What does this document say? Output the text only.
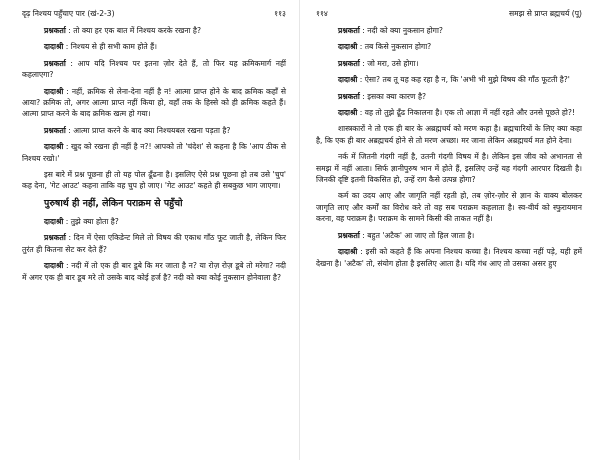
दृढ़ निश्चय पहुँचाए पार (खं-2-3)	११३
प्रश्नकर्ता : तो क्या हर एक बात में निश्चय करके रखना है?
दादाश्री : निश्चय से ही सभी काम होते हैं।
प्रश्नकर्ता : आप यदि निश्चय पर इतना ज़ोर देते हैं, तो फिर यह क्रमिकमार्ग नहीं कहलाएगा?
दादाश्री : नहीं, क्रमिक से लेना-देना नहीं है न! आत्मा प्राप्त होने के बाद क्रमिक कहाँ से आया? क्रमिक तो, अगर आत्मा प्राप्त नहीं किया हो, वहाँ तक के हिस्से को ही क्रमिक कहते हैं। आत्मा प्राप्त करने के बाद क्रमिक खत्म हो गया।
प्रश्नकर्ता : आत्मा प्राप्त करने के बाद क्या निश्चयबल रखना पड़ता है?
दादाश्री : खुद को रखना ही नहीं है न?! आपको तो 'चंदेश' से कहना है कि 'आप ठीक से निश्चय रखो।'
इस बारे में प्रश्न पूछना ही तो यह पोल ढूँढना है। इसलिए ऐसे प्रश्न पूछना हो तब उसे 'चुप' कह देना, 'गेट आउट' कहना ताकि वह चुप हो जाए। 'गेट आउट' कहते ही सबकुछ भाग जाएगा।
पुरुषार्थ ही नहीं, लेकिन पराक्रम से पहुँचो
दादाश्री : तुझे क्या होता है?
प्रश्नकर्ता : दिन में ऐसा एकिडेन्ट मिले तो विषय की एकाध गाँठ फूट जाती है, लेकिन फिर तुरंत ही कितना सेट कर देते हैं?
दादाश्री : नदी में तो एक ही बार डूबे कि मर जाता है न? या रोज़ रोज़ डूबे तो मरेगा? नदी में अगर एक ही बार डूब मरे तो उसके बाद कोई हर्ज है? नदी को क्या कोई नुकसान होनेवाला है?
११४	समझ से प्राप्त ब्रह्मचर्य (पू)
प्रश्नकर्ता : नदी को क्या नुकसान होगा?
दादाश्री : तब किसे नुकसान होगा?
प्रश्नकर्ता : जो मरा, उसे होगा।
दादाश्री : ऐसा? तब तू यह कह रहा है न, कि 'अभी भी मुझे विषय की गाँठ फूटती है?'
प्रश्नकर्ता : इसका क्या कारण है?
दादाश्री : वह तो तुझे ढूँढ निकालना है। एक तो आज्ञा में नहीं रहते और उनसे पूछते हो?!
शास्त्रकारों ने तो एक ही बार के अब्रह्मचर्य को मरण कहा है। ब्रह्मचारियों के लिए क्या कहा है, कि एक ही बार अब्रह्मचर्य होने से तो मरण अच्छा। मर जाना लेकिन अब्रह्मचर्य मत होने देना।
नर्क में जितनी गंदगी नहीं है, उतनी गंदगी विषय में है। लेकिन इस जीव को अभानता से समझ में नहीं आता। सिर्फ ज्ञानीपुरुष भान में होते हैं, इसलिए उन्हें यह गंदगी आरपार दिखती है। जिनकी दृष्टि इतनी विकसित हो, उन्हें राग कैसे उत्पन्न होगा?
कर्म का उदय आए और जागृति नहीं रहती हो, तब ज़ोर-ज़ोर से ज्ञान के वाक्य बोलकर जागृति लाए और कर्मों का विरोध करे तो वह सब पराक्रम कहलाता है। स्व-वीर्य को स्फुरायमान करना, वह पराक्रम है। पराक्रम के सामने किसी की ताकत नहीं है।
प्रश्नकर्ता : बहुत 'अटैक' आ जाए तो हिल जाता है।
दादाश्री : इसी को कहते हैं कि अपना निश्चय कच्चा है। निश्चय कच्चा नहीं पड़े, यही हमें देखना है। 'अटैक' तो, संयोग होता है इसलिए आता है। यदि गंध आए तो उसका असर हुए
